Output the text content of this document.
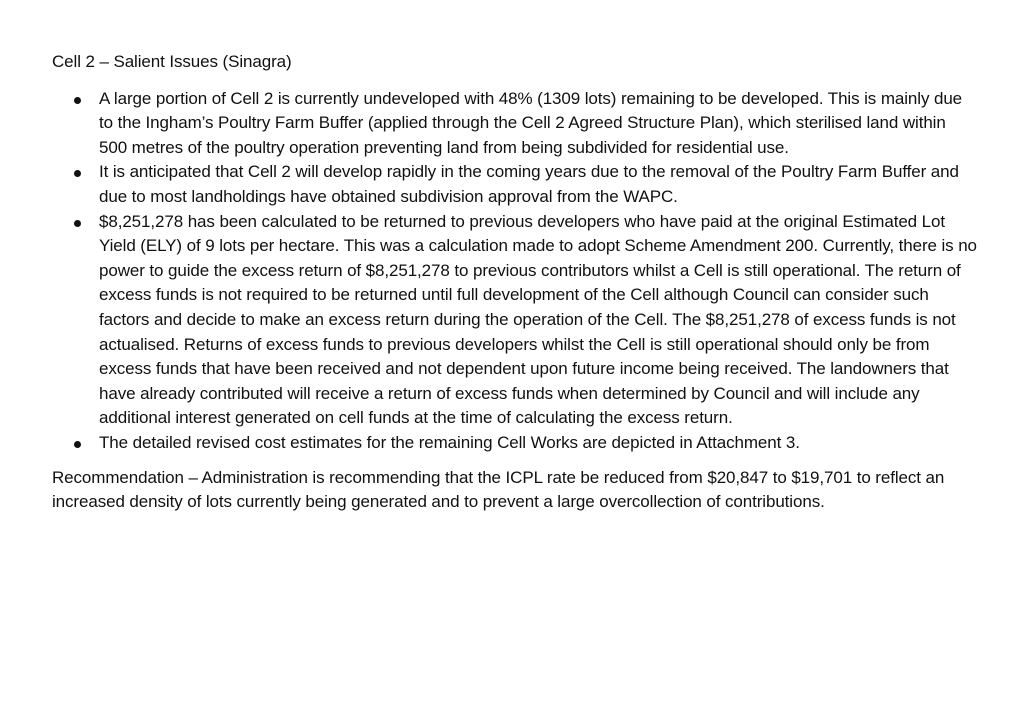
Cell 2 – Salient Issues (Sinagra)

A large portion of Cell 2 is currently undeveloped with 48% (1309 lots) remaining to be developed. This is mainly due to the Ingham’s Poultry Farm Buffer (applied through the Cell 2 Agreed Structure Plan), which sterilised land within 500 metres of the poultry operation preventing land from being subdivided for residential use.
It is anticipated that Cell 2 will develop rapidly in the coming years due to the removal of the Poultry Farm Buffer and due to most landholdings have obtained subdivision approval from the WAPC.
$8,251,278 has been calculated to be returned to previous developers who have paid at the original Estimated Lot Yield (ELY) of 9 lots per hectare. This was a calculation made to adopt Scheme Amendment 200. Currently, there is no power to guide the excess return of $8,251,278 to previous contributors whilst a Cell is still operational. The return of excess funds is not required to be returned until full development of the Cell although Council can consider such factors and decide to make an excess return during the operation of the Cell. The $8,251,278 of excess funds is not actualised. Returns of excess funds to previous developers whilst the Cell is still operational should only be from excess funds that have been received and not dependent upon future income being received. The landowners that have already contributed will receive a return of excess funds when determined by Council and will include any additional interest generated on cell funds at the time of calculating the excess return.
The detailed revised cost estimates for the remaining Cell Works are depicted in Attachment 3.

Recommendation – Administration is recommending that the ICPL rate be reduced from $20,847 to $19,701 to reflect an increased density of lots currently being generated and to prevent a large overcollection of contributions.
